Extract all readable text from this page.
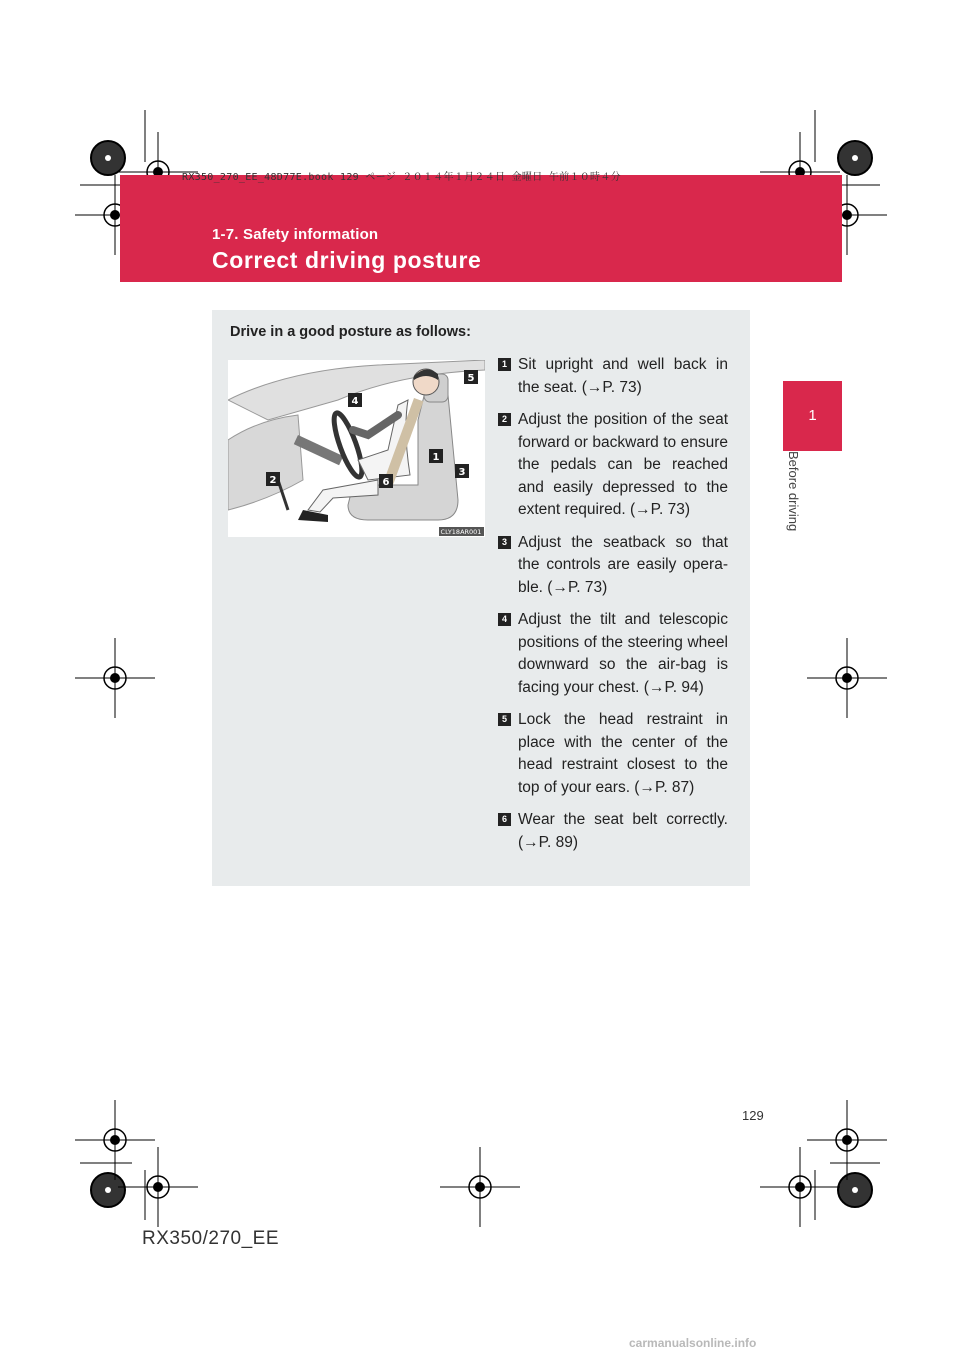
RX350_270_EE_48D77E.book 129 ページ ２０１４年１月２４日 金曜日 午前１０時４分
1-7. Safety information
Correct driving posture
1
Before driving
Drive in a good posture as follows:
5
4
1
3
6
2
CLY18AR001
1 Sit upright and well back in the seat. (→P. 73)
2 Adjust the position of the seat forward or backward to ensure the pedals can be reached and easily depressed to the extent required. (→P. 73)
3 Adjust the seatback so that the controls are easily opera-ble. (→P. 73)
4 Adjust the tilt and telescopic positions of the steering wheel downward so the air-bag is facing your chest. (→P. 94)
5 Lock the head restraint in place with the center of the head restraint closest to the top of your ears. (→P. 87)
6 Wear the seat belt correctly. (→P. 89)
129
RX350/270_EE
carmanualsonline.info
